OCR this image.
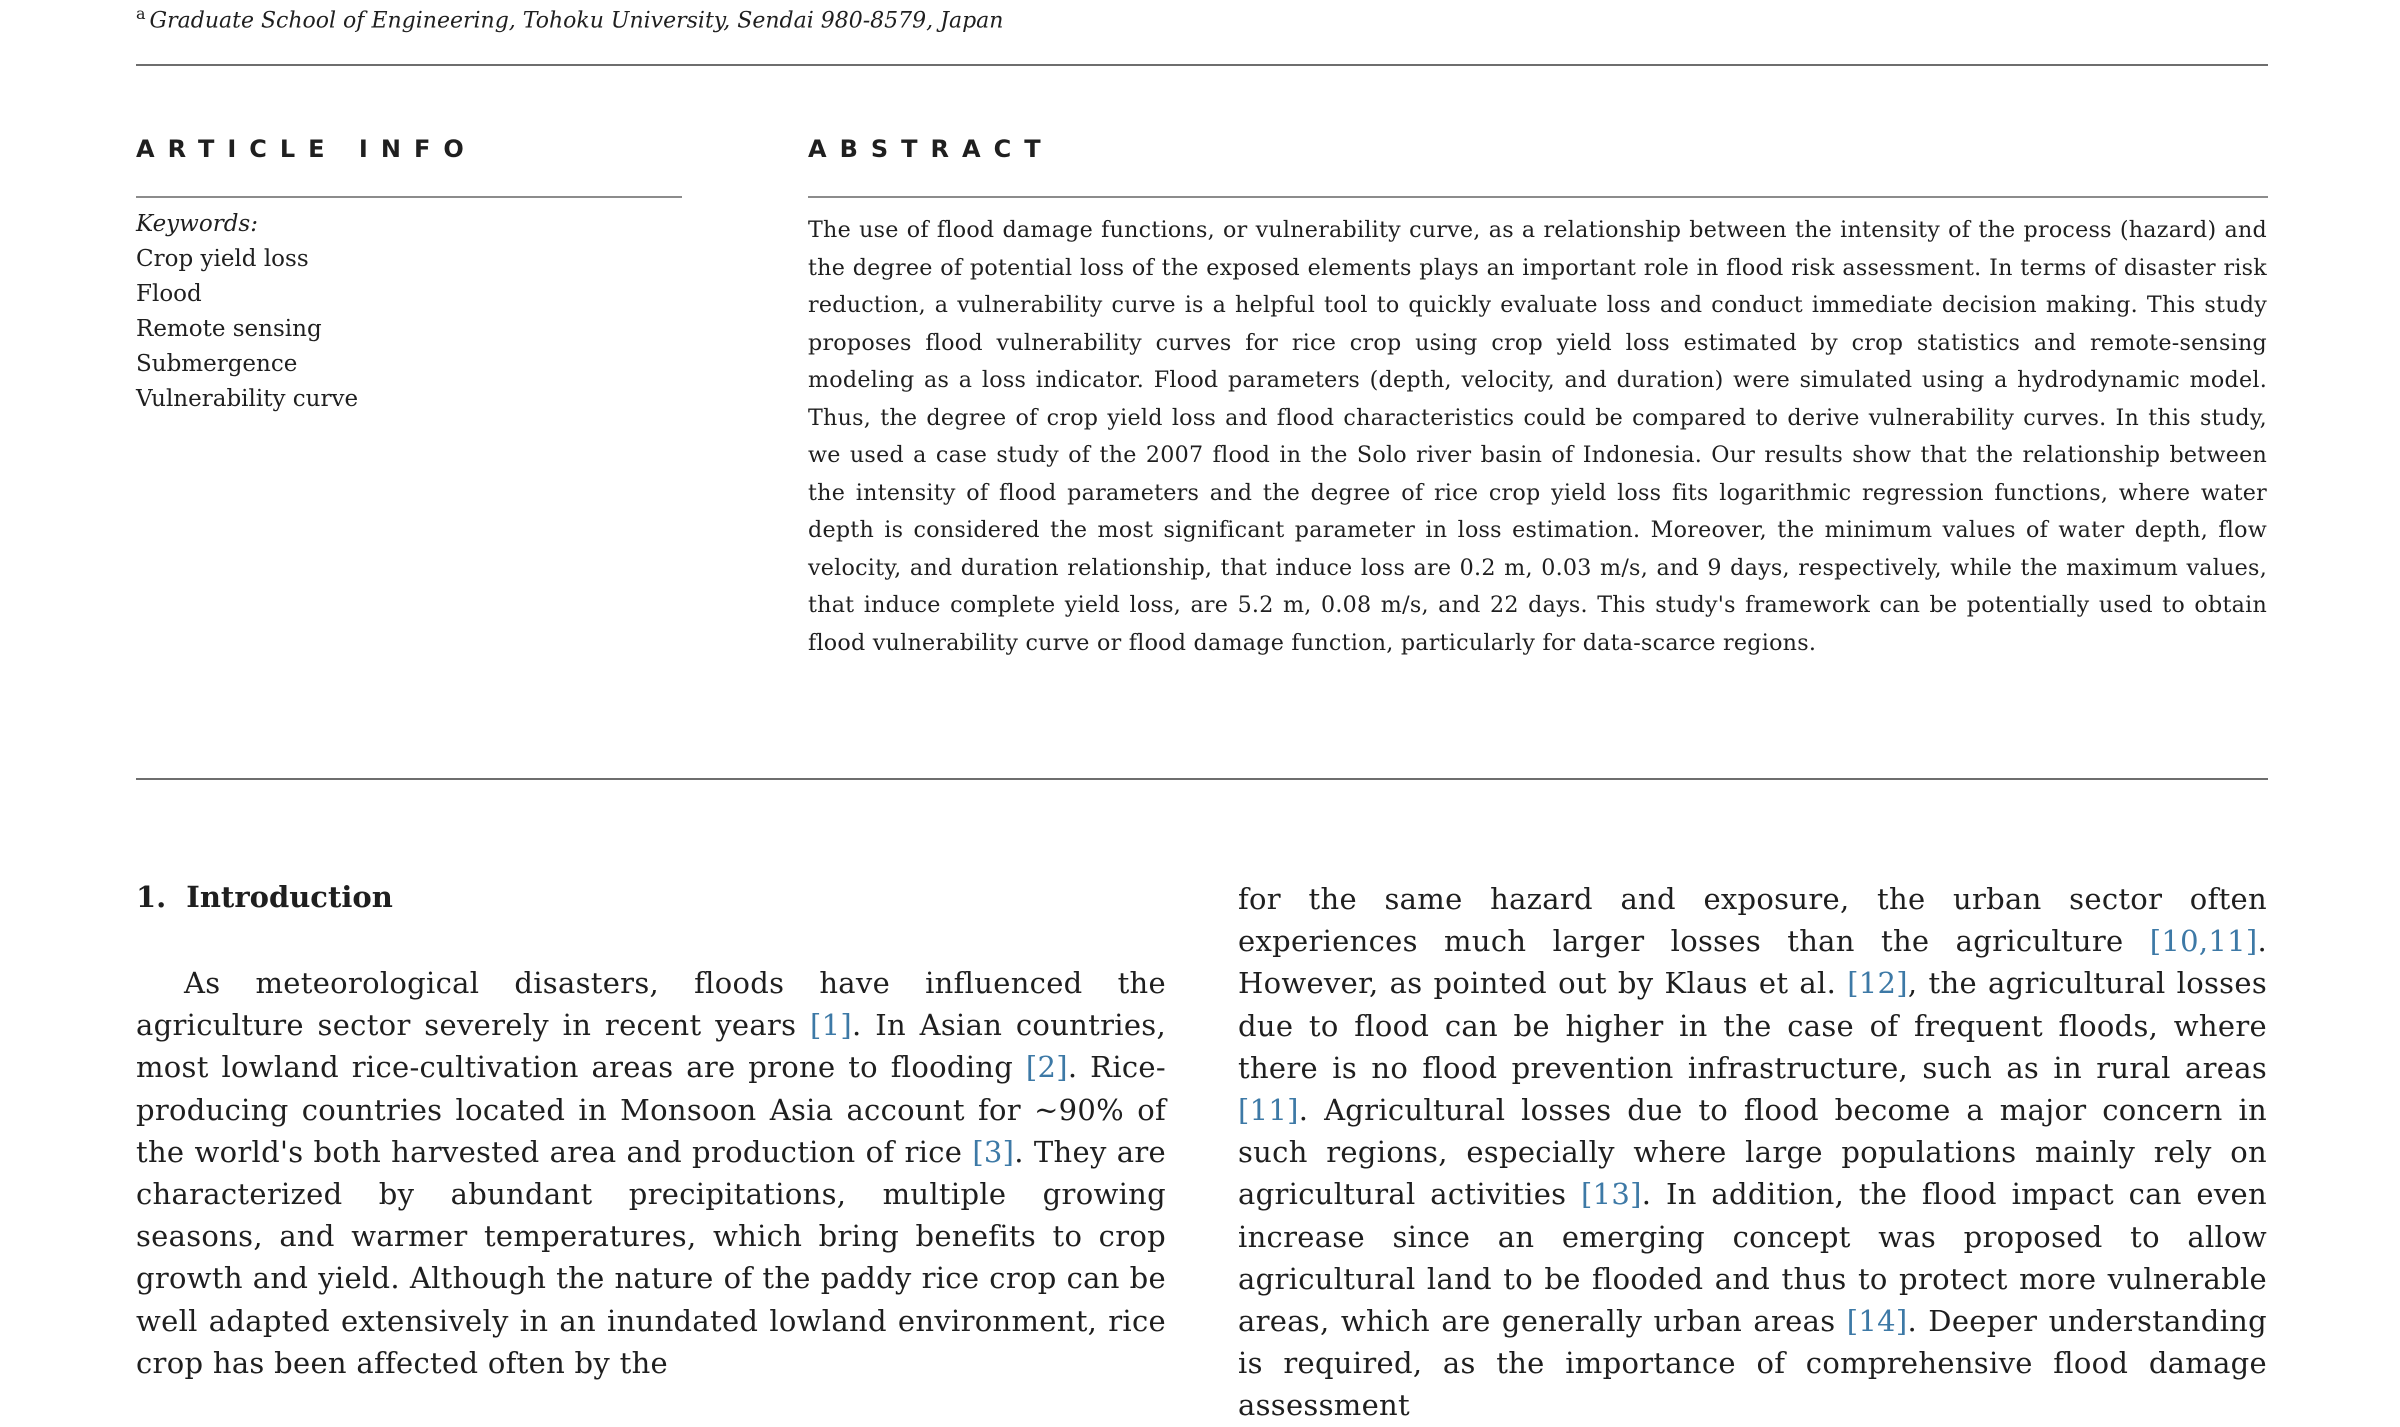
$^a$ Graduate School of Engineering, Tohoku University, Sendai 980-8579, Japan
ARTICLE INFO	ABSTRACT
Keywords:
Crop yield loss
Flood
Remote sensing
Submergence
Vulnerability curve
The use of flood damage functions, or vulnerability curve, as a relationship between the intensity of the process (hazard) and the degree of potential loss of the exposed elements plays an important role in flood risk assessment. In terms of disaster risk reduction, a vulnerability curve is a helpful tool to quickly evaluate loss and conduct immediate decision making. This study proposes flood vulnerability curves for rice crop using crop yield loss estimated by crop statistics and remote-sensing modeling as a loss indicator. Flood parameters (depth, velocity, and duration) were simulated using a hydrodynamic model. Thus, the degree of crop yield loss and flood characteristics could be compared to derive vulnerability curves. In this study, we used a case study of the 2007 flood in the Solo river basin of Indonesia. Our results show that the relationship between the intensity of flood parameters and the degree of rice crop yield loss fits logarithmic regression functions, where water depth is considered the most significant parameter in loss estimation. Moreover, the minimum values of water depth, flow velocity, and duration relationship, that induce loss are 0.2 m, 0.03 m/s, and 9 days, respectively, while the maximum values, that induce complete yield loss, are 5.2 m, 0.08 m/s, and 22 days. This study's framework can be potentially used to obtain flood vulnerability curve or flood damage function, particularly for data-scarce regions.
1. Introduction
As meteorological disasters, floods have influenced the agriculture sector severely in recent years [1]. In Asian countries, most lowland rice-cultivation areas are prone to flooding [2]. Rice-producing countries located in Monsoon Asia account for ~90% of the world's both harvested area and production of rice [3]. They are characterized by abundant precipitations, multiple growing seasons, and warmer temperatures, which bring benefits to crop growth and yield. Although the nature of the paddy rice crop can be well adapted extensively in an inundated lowland environment, rice crop has been affected often by the
for the same hazard and exposure, the urban sector often experiences much larger losses than the agriculture [10,11]. However, as pointed out by Klaus et al. [12], the agricultural losses due to flood can be higher in the case of frequent floods, where there is no flood prevention infrastructure, such as in rural areas [11]. Agricultural losses due to flood become a major concern in such regions, especially where large populations mainly rely on agricultural activities [13]. In addition, the flood impact can even increase since an emerging concept was proposed to allow agricultural land to be flooded and thus to protect more vulnerable areas, which are generally urban areas [14]. Deeper understanding is required, as the importance of comprehensive flood damage assessment
